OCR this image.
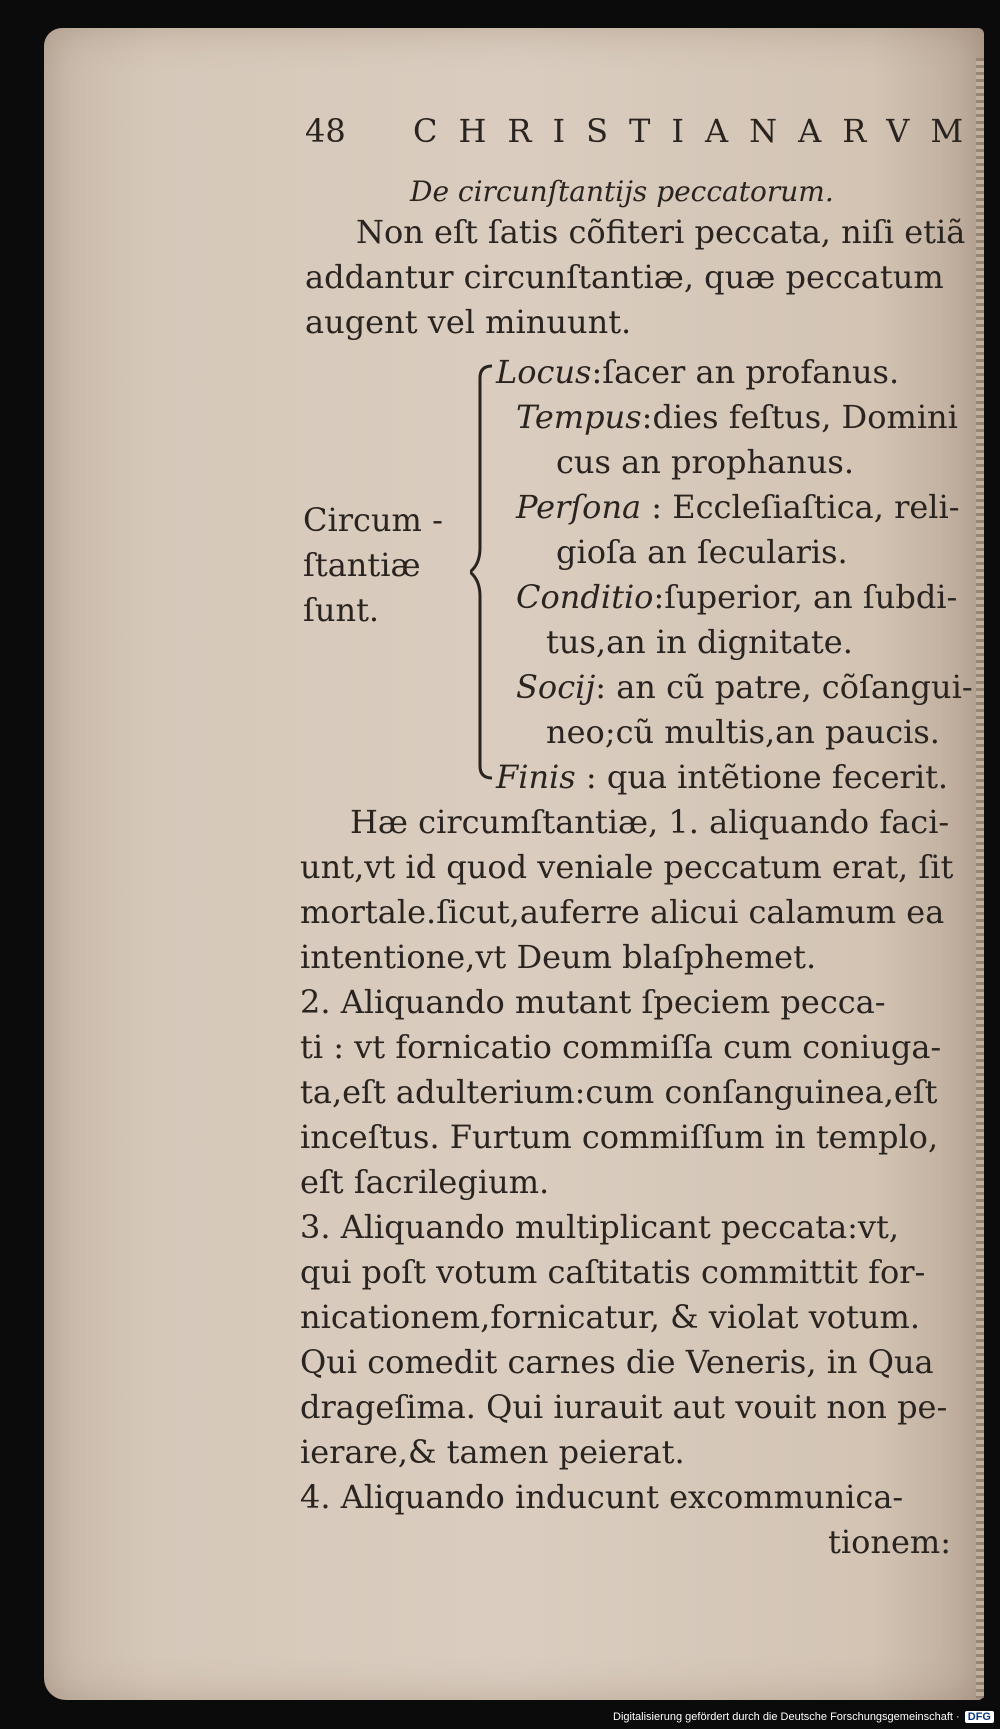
48 CHRISTIANARVM
De circunſtantijs peccatorum.
Non eſt ſatis cõfiteri peccata, niſi etiã
addantur circunſtantiæ, quæ peccatum
augent vel minuunt.
Circum -
ſtantiæ
ſunt.
Locus:ſacer an profanus.
Tempus:dies feſtus, Domini
cus an prophanus.
Perſona : Eccleſiaſtica, reli-
gioſa an ſecularis.
Conditio:ſuperior, an ſubdi-
tus,an in dignitate.
Socij: an cũ patre, cõſangui-
neo;cũ multis,an paucis.
Finis : qua intẽtione fecerit.
Hæ circumſtantiæ, 1. aliquando faci-
unt,vt id quod veniale peccatum erat, ſit
mortale.ſicut,auferre alicui calamum ea
intentione,vt Deum blaſphemet.
2. Aliquando mutant ſpeciem pecca-
ti : vt fornicatio commiſſa cum coniuga-
ta,eſt adulterium:cum conſanguinea,eſt
inceſtus. Furtum commiſſum in templo,
eſt ſacrilegium.
3. Aliquando multiplicant peccata:vt,
qui poſt votum caſtitatis committit for-
nicationem,fornicatur, & violat votum.
Qui comedit carnes die Veneris, in Qua
drageſima. Qui iurauit aut vouit non pe-
ierare,& tamen peierat.
4. Aliquando inducunt excommunica-
tionem:
Digitalisierung gefördert durch die Deutsche Forschungsgemeinschaft · DFG
